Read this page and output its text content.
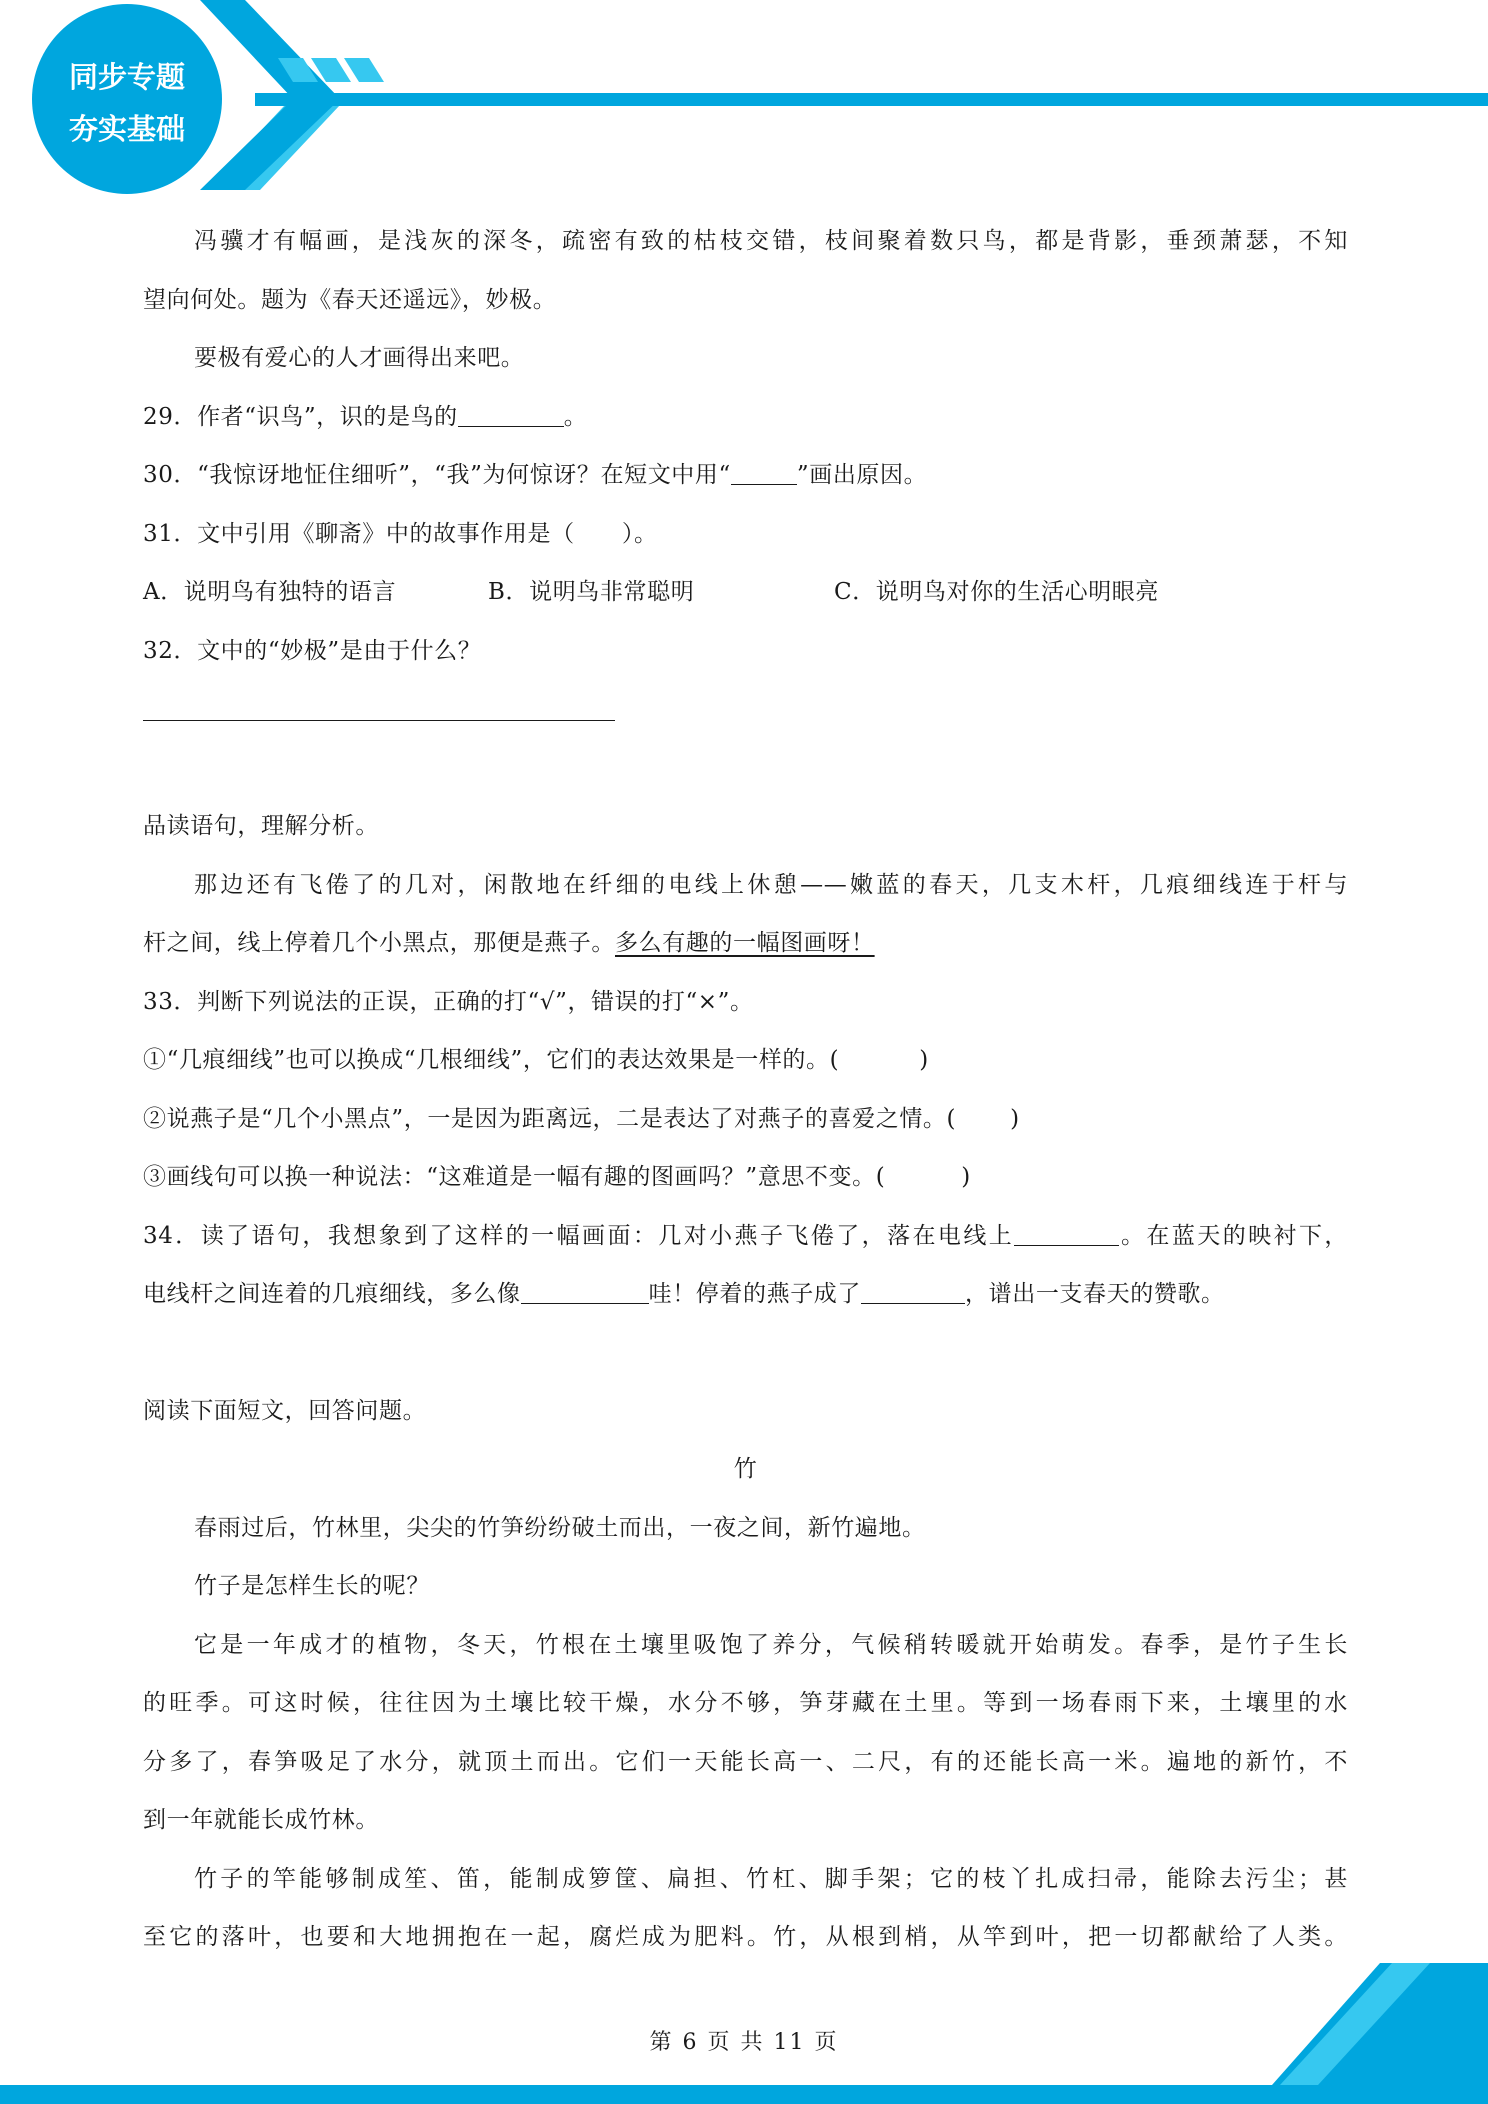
同步专题
夯实基础
冯骥才有幅画，是浅灰的深冬，疏密有致的枯枝交错，枝间聚着数只鸟，都是背影，垂颈萧瑟，不知
望向何处。题为《春天还遥远》，妙极。
要极有爱心的人才画得出来吧。
29．作者“识鸟”，识的是鸟的	。
30．“我惊讶地怔住细听”，“我”为何惊讶？在短文中用“	”画出原因。
31．文中引用《聊斋》中的故事作用是（　　）。
A．说明鸟有独特的语言	B．说明鸟非常聪明	C．说明鸟对你的生活心明眼亮
32．文中的“妙极”是由于什么？
品读语句，理解分析。
那边还有飞倦了的几对，闲散地在纤细的电线上休憩——嫩蓝的春天，几支木杆，几痕细线连于杆与
杆之间，线上停着几个小黑点，那便是燕子。多么有趣的一幅图画呀！
33．判断下列说法的正误，正确的打“√”，错误的打“×”。
①“几痕细线”也可以换成“几根细线”，它们的表达效果是一样的。(	)
②说燕子是“几个小黑点”，一是因为距离远，二是表达了对燕子的喜爱之情。( )
③画线句可以换一种说法：“这难道是一幅有趣的图画吗？”意思不变。(	)
34．读了语句，我想象到了这样的一幅画面：几对小燕子飞倦了，落在电线上	。在蓝天的映衬下，
电线杆之间连着的几痕细线，多么像	哇！停着的燕子成了	，谱出一支春天的赞歌。
阅读下面短文，回答问题。
竹
春雨过后，竹林里，尖尖的竹笋纷纷破土而出，一夜之间，新竹遍地。
竹子是怎样生长的呢？
它是一年成才的植物，冬天，竹根在土壤里吸饱了养分，气候稍转暖就开始萌发。春季，是竹子生长
的旺季。可这时候，往往因为土壤比较干燥，水分不够，笋芽藏在土里。等到一场春雨下来，土壤里的水
分多了，春笋吸足了水分，就顶土而出。它们一天能长高一、二尺，有的还能长高一米。遍地的新竹，不
到一年就能长成竹林。
竹子的竿能够制成笙、笛，能制成箩筐、扁担、竹杠、脚手架；它的枝丫扎成扫帚，能除去污尘；甚
至它的落叶，也要和大地拥抱在一起，腐烂成为肥料。竹，从根到梢，从竿到叶，把一切都献给了人类。
第 6 页 共 11 页
